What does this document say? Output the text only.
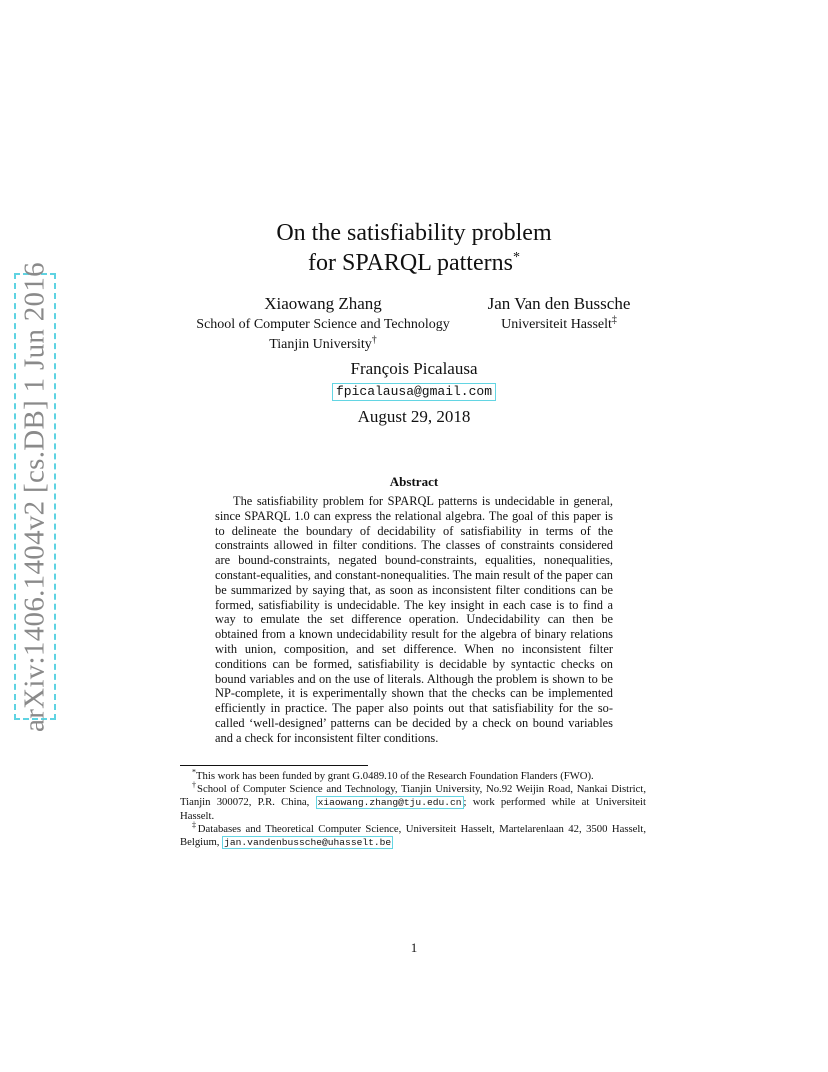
arXiv:1406.1404v2 [cs.DB] 1 Jun 2016
On the satisfiability problem
for SPARQL patterns*
Xiaowang Zhang
School of Computer Science and Technology
Tianjin University†
Jan Van den Bussche
Universiteit Hasselt‡
François Picalausa
fpicalausa@gmail.com
August 29, 2018
Abstract
The satisfiability problem for SPARQL patterns is undecidable in general, since SPARQL 1.0 can express the relational algebra. The goal of this paper is to delineate the boundary of decidability of satisfiability in terms of the constraints allowed in filter conditions. The classes of constraints considered are bound-constraints, negated bound-constraints, equalities, nonequalities, constant-equalities, and constant-nonequalities. The main result of the paper can be summarized by saying that, as soon as inconsistent filter conditions can be formed, satisfiability is undecidable. The key insight in each case is to find a way to emulate the set difference operation. Undecidability can then be obtained from a known undecidability result for the algebra of binary relations with union, composition, and set difference. When no inconsistent filter conditions can be formed, satisfiability is decidable by syntactic checks on bound variables and on the use of literals. Although the problem is shown to be NP-complete, it is experimentally shown that the checks can be implemented efficiently in practice. The paper also points out that satisfiability for the so-called ‘well-designed’ patterns can be decided by a check on bound variables and a check for inconsistent filter conditions.

*This work has been funded by grant G.0489.10 of the Research Foundation Flanders (FWO).

†School of Computer Science and Technology, Tianjin University, No.92 Weijin Road, Nankai District, Tianjin 300072, P.R. China, xiaowang.zhang@tju.edu.cn ; work performed while at Universiteit Hasselt.

‡Databases and Theoretical Computer Science, Universiteit Hasselt, Martelarenlaan 42, 3500 Hasselt, Belgium, jan.vandenbussche@uhasselt.be

1
